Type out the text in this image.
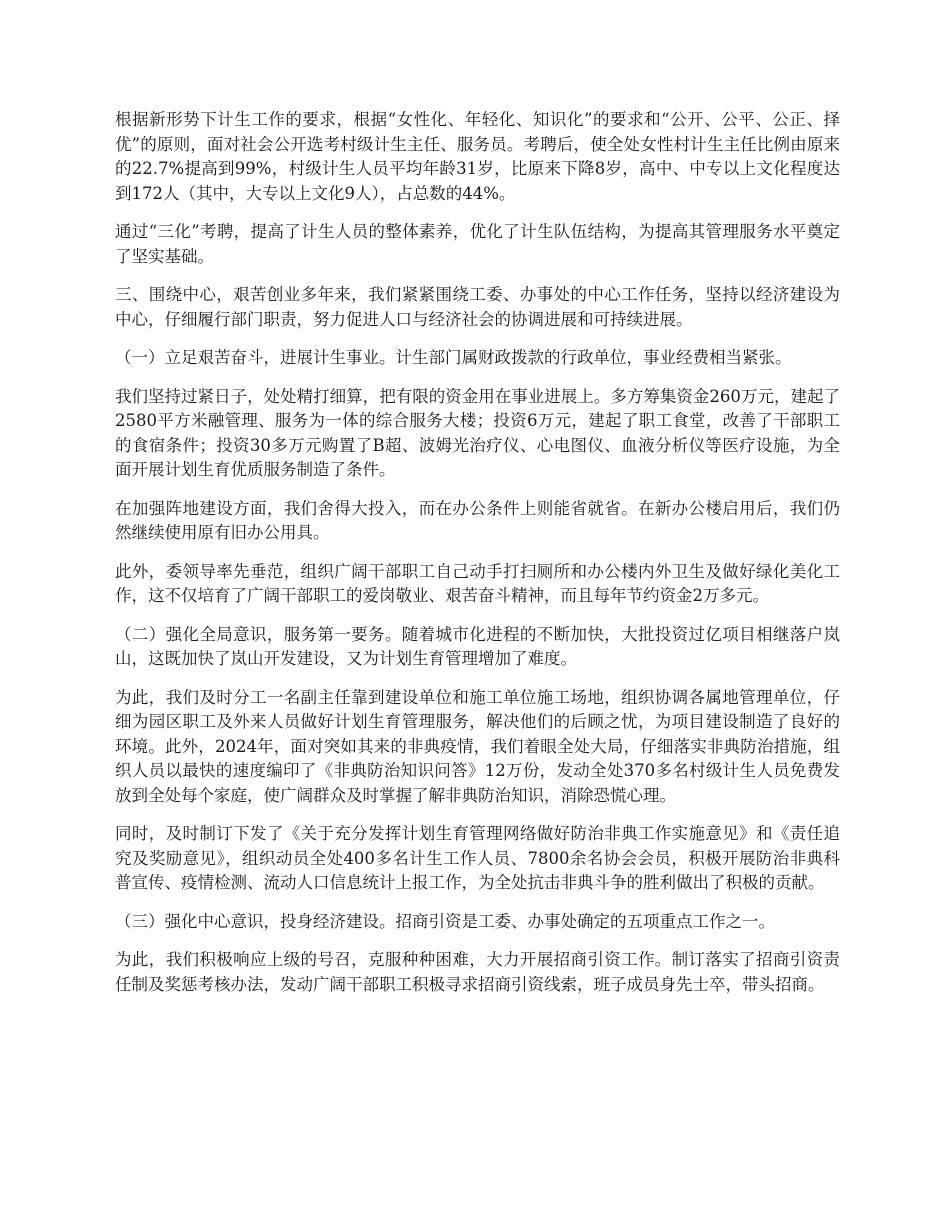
根据新形势下计生工作的要求，根据“女性化、年轻化、知识化”的要求和“公开、公平、公正、择优”的原则，面对社会公开选考村级计生主任、服务员。考聘后，使全处女性村计生主任比例由原来的22.7%提高到99%，村级计生人员平均年龄31岁，比原来下降8岁，高中、中专以上文化程度达到172人（其中，大专以上文化9人），占总数的44%。

通过“三化”考聘，提高了计生人员的整体素养，优化了计生队伍结构，为提高其管理服务水平奠定了坚实基础。

三、围绕中心，艰苦创业多年来，我们紧紧围绕工委、办事处的中心工作任务，坚持以经济建设为中心，仔细履行部门职责，努力促进人口与经济社会的协调进展和可持续进展。

（一）立足艰苦奋斗，进展计生事业。计生部门属财政拨款的行政单位，事业经费相当紧张。

我们坚持过紧日子，处处精打细算，把有限的资金用在事业进展上。多方筹集资金260万元，建起了2580平方米融管理、服务为一体的综合服务大楼；投资6万元，建起了职工食堂，改善了干部职工的食宿条件；投资30多万元购置了B超、波姆光治疗仪、心电图仪、血液分析仪等医疗设施，为全面开展计划生育优质服务制造了条件。

在加强阵地建设方面，我们舍得大投入，而在办公条件上则能省就省。在新办公楼启用后，我们仍然继续使用原有旧办公用具。

此外，委领导率先垂范，组织广阔干部职工自己动手打扫厕所和办公楼内外卫生及做好绿化美化工作，这不仅培育了广阔干部职工的爱岗敬业、艰苦奋斗精神，而且每年节约资金2万多元。

（二）强化全局意识，服务第一要务。随着城市化进程的不断加快，大批投资过亿项目相继落户岚山，这既加快了岚山开发建设，又为计划生育管理增加了难度。

为此，我们及时分工一名副主任靠到建设单位和施工单位施工场地，组织协调各属地管理单位，仔细为园区职工及外来人员做好计划生育管理服务，解决他们的后顾之忧，为项目建设制造了良好的环境。此外，2024年，面对突如其来的非典疫情，我们着眼全处大局，仔细落实非典防治措施，组织人员以最快的速度编印了《非典防治知识问答》12万份，发动全处370多名村级计生人员免费发放到全处每个家庭，使广阔群众及时掌握了解非典防治知识，消除恐慌心理。

同时，及时制订下发了《关于充分发挥计划生育管理网络做好防治非典工作实施意见》和《责任追究及奖励意见》，组织动员全处400多名计生工作人员、7800余名协会会员，积极开展防治非典科普宣传、疫情检测、流动人口信息统计上报工作，为全处抗击非典斗争的胜利做出了积极的贡献。

（三）强化中心意识，投身经济建设。招商引资是工委、办事处确定的五项重点工作之一。

为此，我们积极响应上级的号召，克服种种困难，大力开展招商引资工作。制订落实了招商引资责任制及奖惩考核办法，发动广阔干部职工积极寻求招商引资线索，班子成员身先士卒，带头招商。
